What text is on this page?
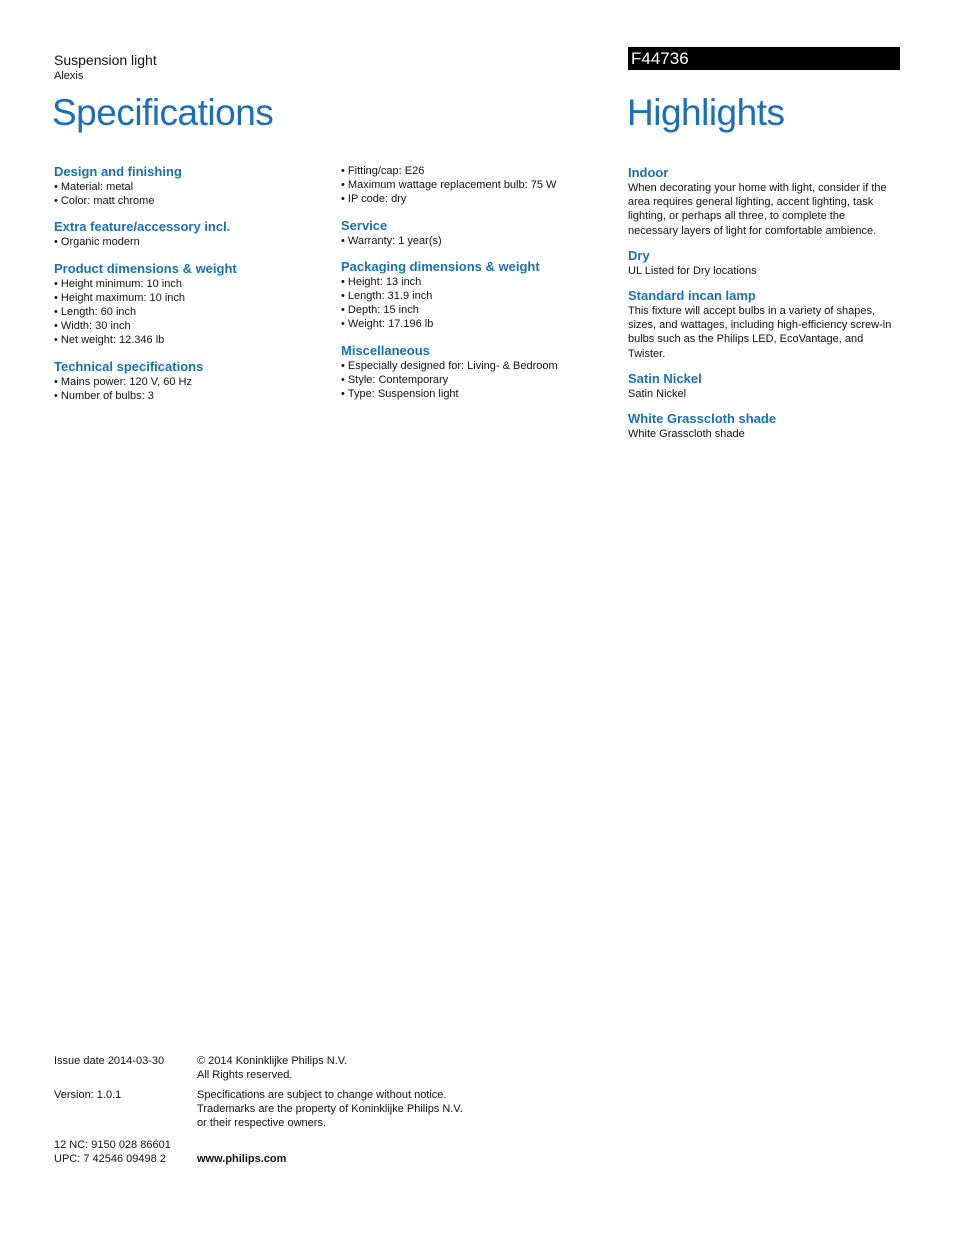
Suspension light
Alexis
Specifications
F44736
Highlights
Design and finishing
• Material: metal
• Color: matt chrome
Extra feature/accessory incl.
• Organic modern
Product dimensions & weight
• Height minimum: 10 inch
• Height maximum: 10 inch
• Length: 60 inch
• Width: 30 inch
• Net weight: 12.346 lb
Technical specifications
• Mains power: 120 V, 60 Hz
• Number of bulbs: 3
• Fitting/cap: E26
• Maximum wattage replacement bulb: 75 W
• IP code: dry
Service
• Warranty: 1 year(s)
Packaging dimensions & weight
• Height: 13 inch
• Length: 31.9 inch
• Depth: 15 inch
• Weight: 17.196 lb
Miscellaneous
• Especially designed for: Living- & Bedroom
• Style: Contemporary
• Type: Suspension light
Indoor
When decorating your home with light, consider if the
area requires general lighting, accent lighting, task
lighting, or perhaps all three, to complete the
necessary layers of light for comfortable ambience.
Dry
UL Listed for Dry locations
Standard incan lamp
This fixture will accept bulbs in a variety of shapes,
sizes, and wattages, including high-efficiency screw-in
bulbs such as the Philips LED, EcoVantage, and
Twister.
Satin Nickel
Satin Nickel
White Grasscloth shade
White Grasscloth shade
Issue date 2014-03-30
Version: 1.0.1
12 NC: 9150 028 86601
UPC: 7 42546 09498 2
© 2014 Koninklijke Philips N.V.
All Rights reserved.
Specifications are subject to change without notice.
Trademarks are the property of Koninklijke Philips N.V.
or their respective owners.
www.philips.com
